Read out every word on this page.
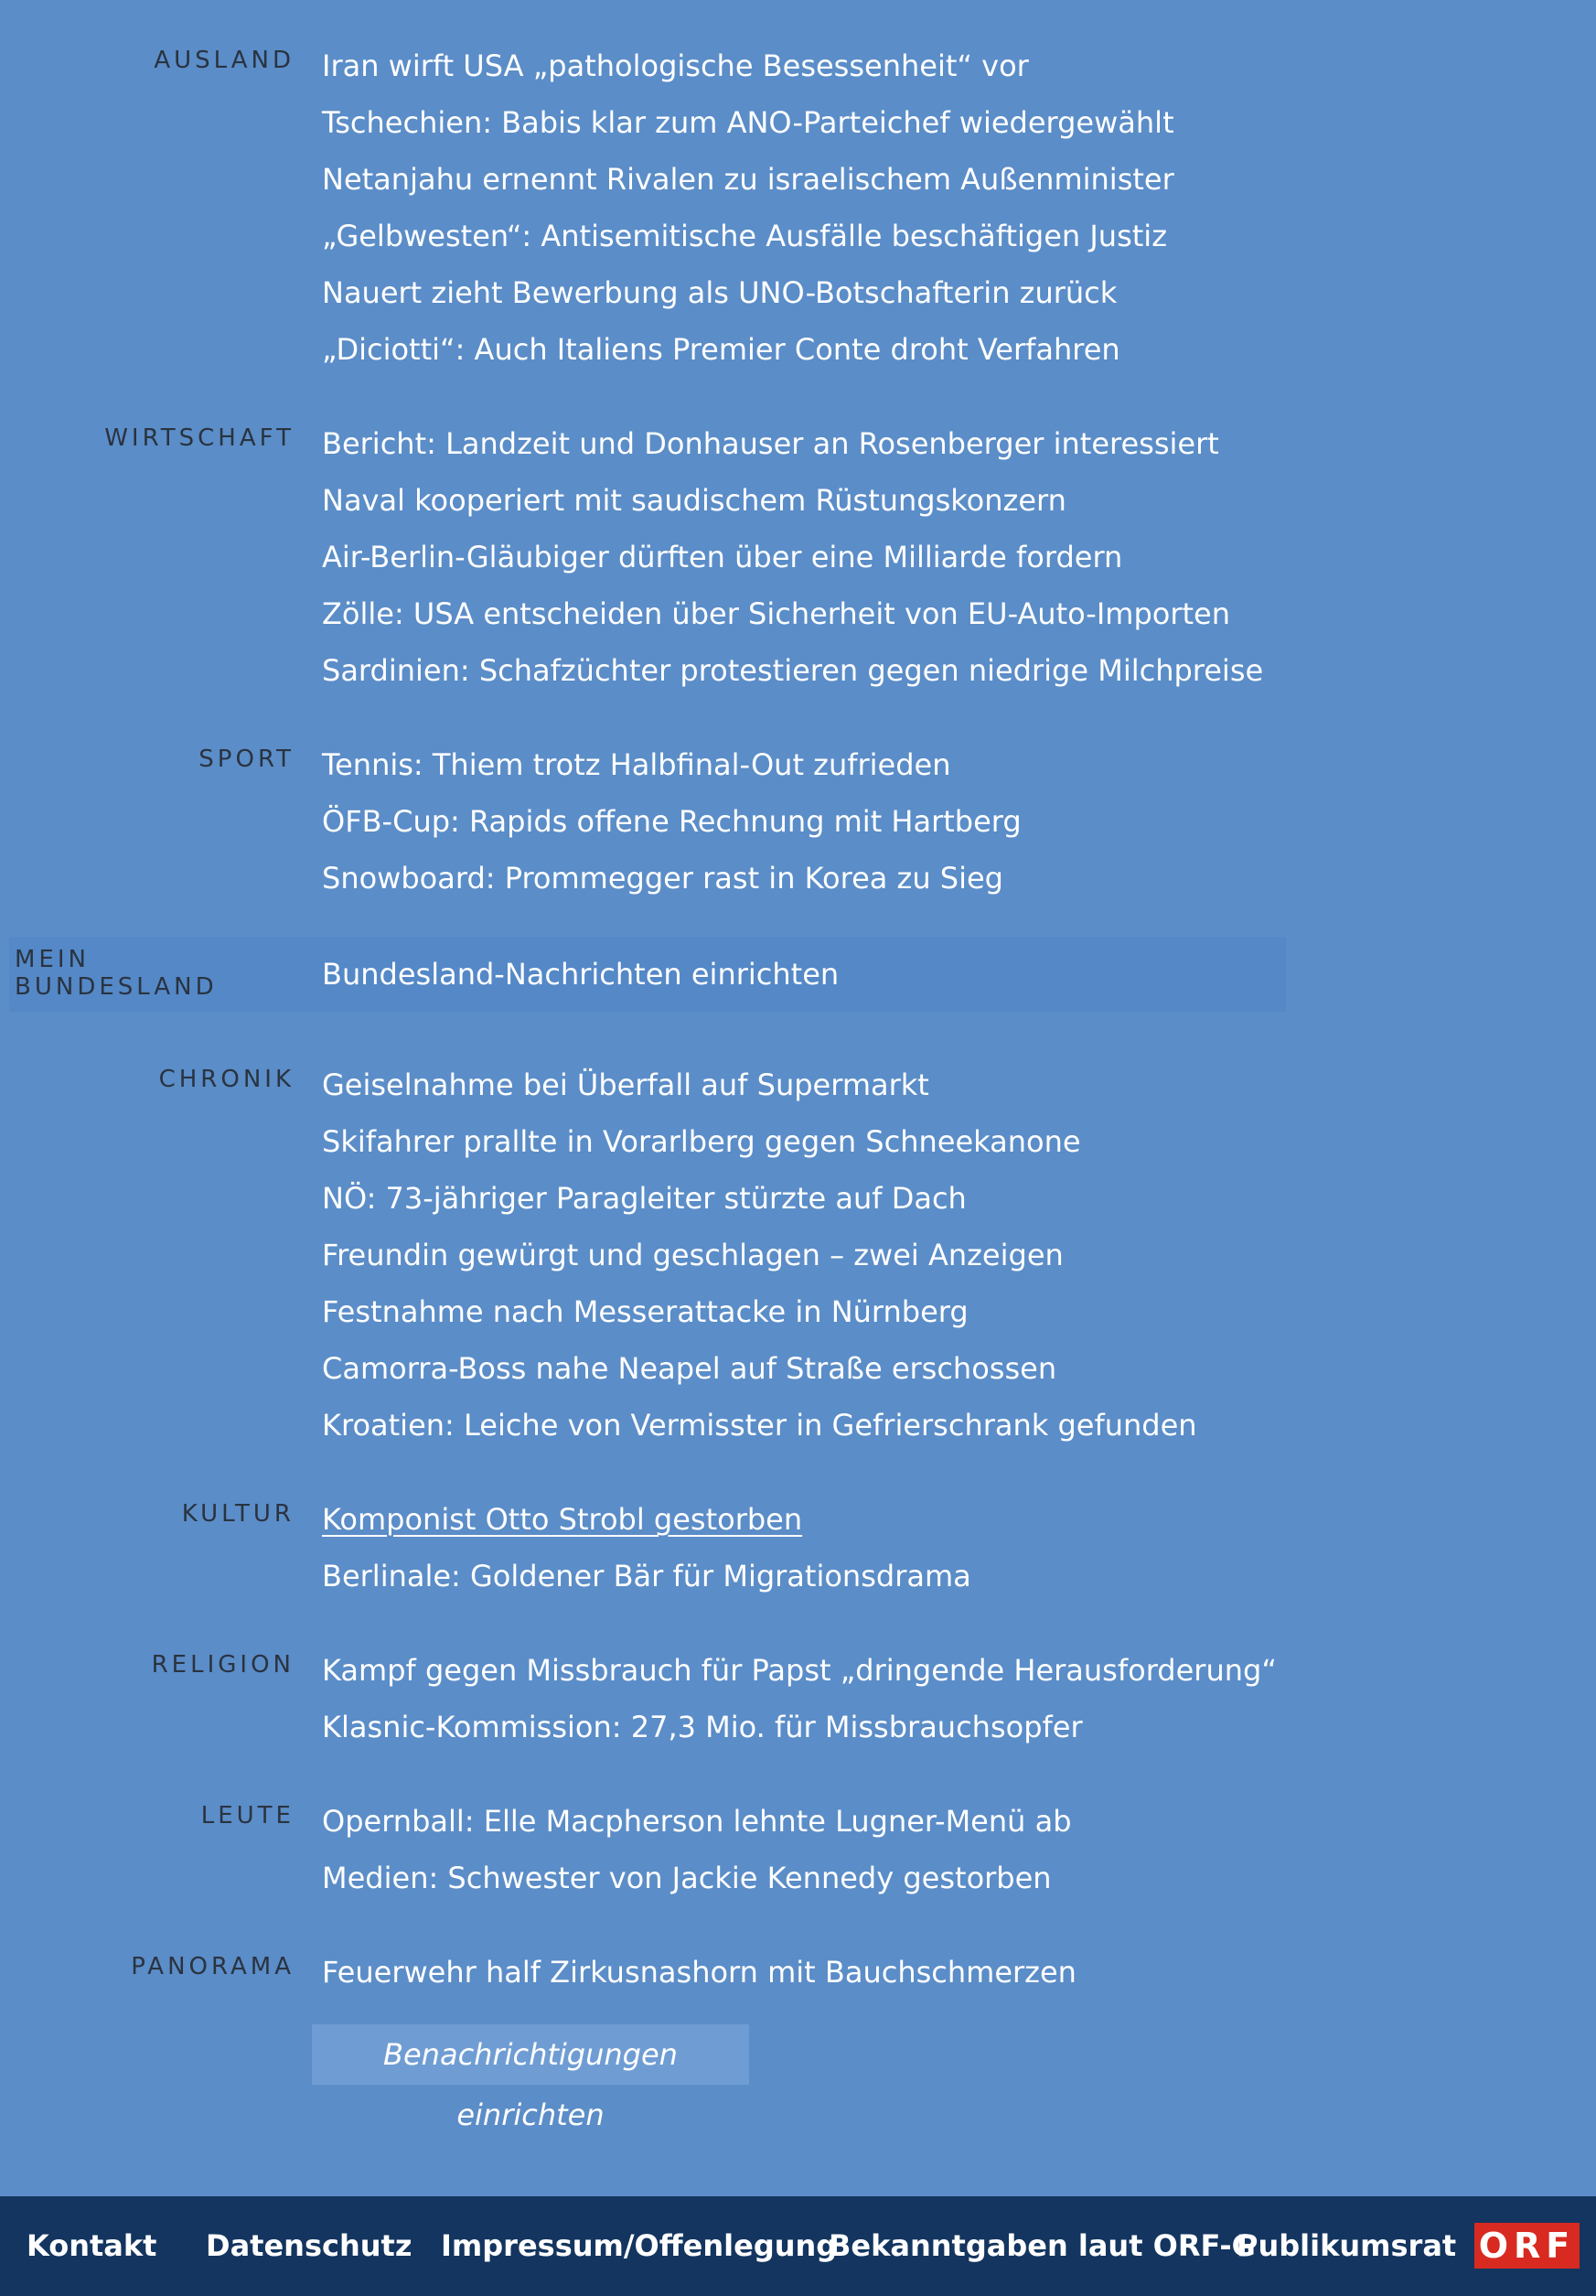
AUSLAND Iran wirft USA „pathologische Besessenheit“ vor
Tschechien: Babis klar zum ANO-Parteichef wiedergewählt
Netanjahu ernennt Rivalen zu israelischem Außenminister
„Gelbwesten“: Antisemitische Ausfälle beschäftigen Justiz
Nauert zieht Bewerbung als UNO-Botschafterin zurück
„Diciotti“: Auch Italiens Premier Conte droht Verfahren
WIRTSCHAFT Bericht: Landzeit und Donhauser an Rosenberger interessiert
Naval kooperiert mit saudischem Rüstungskonzern
Air-Berlin-Gläubiger dürften über eine Milliarde fordern
Zölle: USA entscheiden über Sicherheit von EU-Auto-Importen
Sardinien: Schafzüchter protestieren gegen niedrige Milchpreise
SPORT Tennis: Thiem trotz Halbfinal-Out zufrieden
ÖFB-Cup: Rapids offene Rechnung mit Hartberg
Snowboard: Prommegger rast in Korea zu Sieg
MEIN BUNDESLAND	Bundesland-Nachrichten einrichten
CHRONIK Geiselnahme bei Überfall auf Supermarkt
Skifahrer prallte in Vorarlberg gegen Schneekanone
NÖ: 73-jähriger Paragleiter stürzte auf Dach
Freundin gewürgt und geschlagen – zwei Anzeigen
Festnahme nach Messerattacke in Nürnberg
Camorra-Boss nahe Neapel auf Straße erschossen
Kroatien: Leiche von Vermisster in Gefrierschrank gefunden
KULTUR Komponist Otto Strobl gestorben
Berlinale: Goldener Bär für Migrationsdrama
RELIGION Kampf gegen Missbrauch für Papst „dringende Herausforderung“
Klasnic-Kommission: 27,3 Mio. für Missbrauchsopfer
LEUTE Opernball: Elle Macpherson lehnte Lugner-Menü ab
Medien: Schwester von Jackie Kennedy gestorben
PANORAMA Feuerwehr half Zirkusnashorn mit Bauchschmerzen
Benachrichtigungen einrichten
Kontakt Datenschutz Impressum/Offenlegung
Bekanntgaben laut ORF-G
Publikumsrat ORF
